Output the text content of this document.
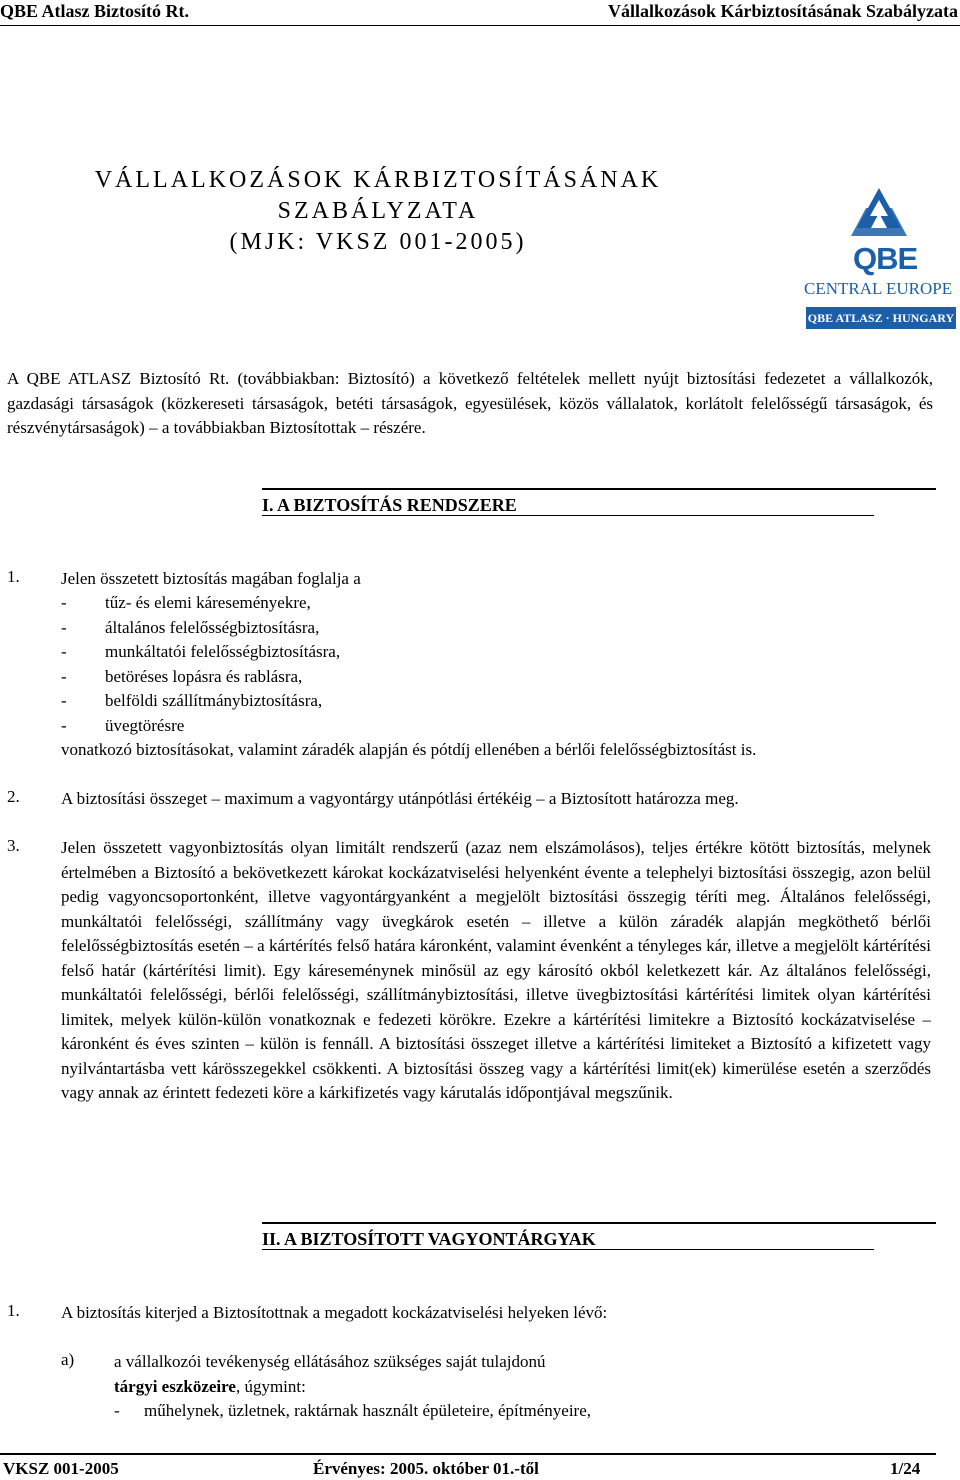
QBE Atlasz Biztosító Rt.	Vállalkozások Kárbiztosításának Szabályzata
VÁLLALKOZÁSOK KÁRBIZTOSÍTÁSÁNAK
SZABÁLYZATA
(MJK: VKSZ 001-2005)	QBE
CENTRAL EUROPE
QBE ATLASZ · HUNGARY
A QBE ATLASZ Biztosító Rt. (továbbiakban: Biztosító) a következő feltételek mellett nyújt biztosítási fedezetet a vállalkozók, gazdasági társaságok (közkereseti társaságok, betéti társaságok, egyesülések, közös vállalatok, korlátolt felelősségű társaságok, és részvénytársaságok) – a továbbiakban Biztosítottak – részére.
I. A BIZTOSÍTÁS RENDSZERE
1. Jelen összetett biztosítás magában foglalja a
- tűz- és elemi káreseményekre,
- általános felelősségbiztosításra,
- munkáltatói felelősségbiztosításra,
- betöréses lopásra és rablásra,
- belföldi szállítmánybiztosításra,
- üvegtörésre
vonatkozó biztosításokat, valamint záradék alapján és pótdíj ellenében a bérlői felelősségbiztosítást is.
2. A biztosítási összeget – maximum a vagyontárgy utánpótlási értékéig – a Biztosított határozza meg.
3. Jelen összetett vagyonbiztosítás olyan limitált rendszerű (azaz nem elszámolásos), teljes értékre kötött biztosítás, melynek értelmében a Biztosító a bekövetkezett károkat kockázatviselési helyenként évente a telephelyi biztosítási összegig, azon belül pedig vagyoncsoportonként, illetve vagyontárgyanként a megjelölt biztosítási összegig téríti meg. Általános felelősségi, munkáltatói felelősségi, szállítmány vagy üvegkárok esetén – illetve a külön záradék alapján megköthető bérlői felelősségbiztosítás esetén – a kártérítés felső határa káronként, valamint évenként a tényleges kár, illetve a megjelölt kártérítési felső határ (kártérítési limit). Egy káreseménynek minősül az egy károsító okból keletkezett kár. Az általános felelősségi, munkáltatói felelősségi, bérlői felelősségi, szállítmánybiztosítási, illetve üvegbiztosítási kártérítési limitek olyan kártérítési limitek, melyek külön-külön vonatkoznak e fedezeti körökre. Ezekre a kártérítési limitekre a Biztosító kockázatviselése – káronként és éves szinten – külön is fennáll. A biztosítási összeget illetve a kártérítési limiteket a Biztosító a kifizetett vagy nyilvántartásba vett kárösszegekkel csökkenti. A biztosítási összeg vagy a kártérítési limit(ek) kimerülése esetén a szerződés vagy annak az érintett fedezeti köre a kárkifizetés vagy kárutalás időpontjával megszűnik.
II. A BIZTOSÍTOTT VAGYONTÁRGYAK
1. A biztosítás kiterjed a Biztosítottnak a megadott kockázatviselési helyeken lévő:
a) a vállalkozói tevékenység ellátásához szükséges saját tulajdonú
tárgyi eszközeire, úgymint:
- műhelynek, üzletnek, raktárnak használt épületeire, építményeire,
VKSZ 001-2005	Érvényes: 2005. október 01.-től	1/24
